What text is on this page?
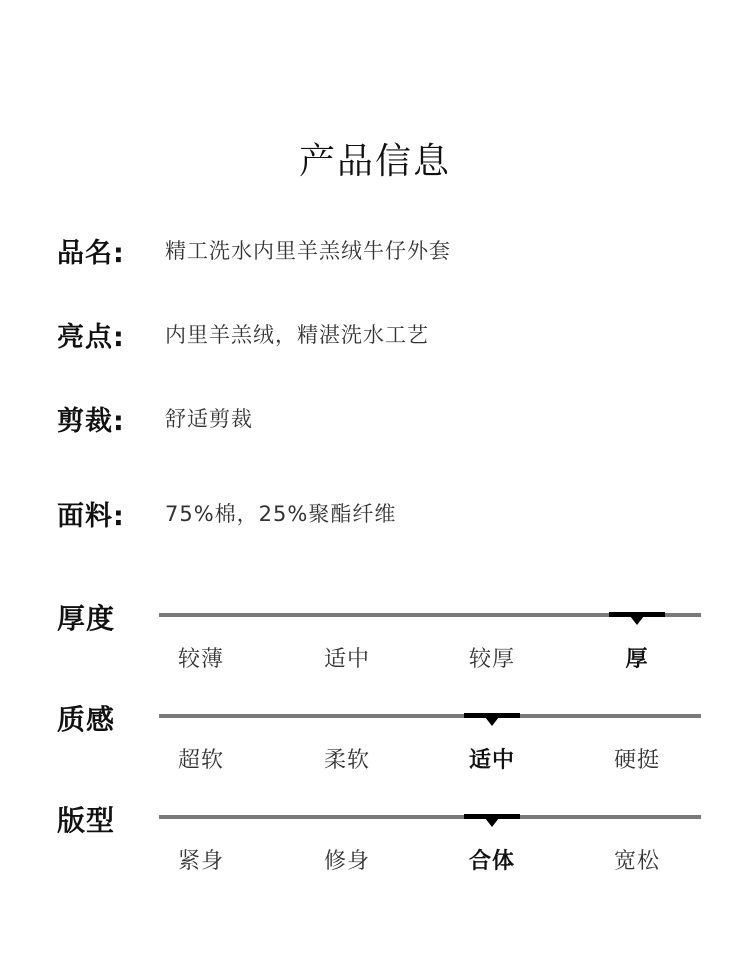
产品信息
品名:	精工洗水内里羊羔绒牛仔外套
亮点:	内里羊羔绒，精湛洗水工艺
剪裁:	舒适剪裁
面料:	75%棉，25%聚酯纤维
厚度
较薄	适中	较厚	厚
质感
超软	柔软	适中	硬挺
版型
紧身	修身	合体	宽松
